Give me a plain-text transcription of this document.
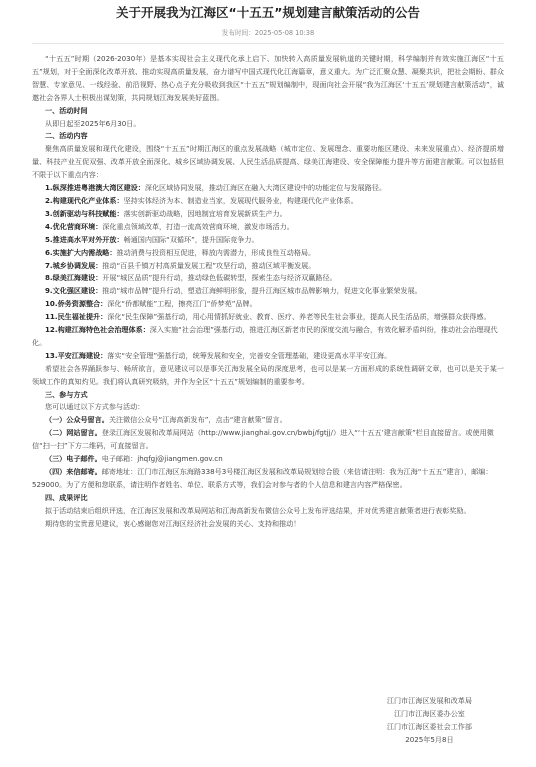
关于开展我为江海区“十五五”规划建言献策活动的公告
发布时间：2025-05-08 10:38

“十五五”时期（2026-2030年）是基本实现社会主义现代化承上启下、加快转入高质量发展轨道的关键时期，科学编制并有效实施江海区“十五五”规划，对于全面深化改革开放、推动实现高质量发展，奋力谱写中国式现代化江海篇章，意义重大。为广泛汇聚众慧、凝聚共识，把社会期盼、群众智慧、专家意见、一线经验、前沿视野、热心点子充分吸收到我区“十五五”规划编制中，现面向社会开展“我为江海区‘十五五’规划建言献策活动”，诚邀社会各界人士积极出谋划策，共同规划江海发展美好蓝图。

一、活动时间

从即日起至2025年6月30日。

二、活动内容

聚焦高质量发展和现代化建设，围绕“十五五”时期江海区的重点发展战略（城市定位、发展理念、重要功能区建设、未来发展重点）、经济提质增量、科技产业互促双强、改革开放全面深化、城乡区域协调发展、人民生活品质提高、绿美江海建设、安全保障能力提升等方面建言献策。可以包括但不限于以下重点内容：

1.纵深推进粤港澳大湾区建设：深化区域协同发展，推动江海区在融入大湾区建设中的功能定位与发展路径。

2.构建现代化产业体系：坚持实体经济为本、制造业当家，发展现代服务业，构建现代化产业体系。

3.创新驱动与科技赋能：落实创新驱动战略，因地制宜培育发展新质生产力。

4.优化营商环境：深化重点领域改革，打造一流高效营商环境，激发市场活力。

5.推进高水平对外开放：畅通国内国际“双循环”，提升国际竞争力。

6.实施扩大内需战略：推动消费与投资相互促进，释放内需潜力，形成良性互动格局。

7.城乡协调发展：推动“百县千镇万村高质量发展工程”攻坚行动，推动区域平衡发展。

8.绿美江海建设：开展“城区品质”提升行动，推动绿色低碳转型，探索生态与经济双赢路径。

9.文化强区建设：推动“城市品牌”提升行动，塑造江海鲜明形象，提升江海区城市品牌影响力，促进文化事业繁荣发展。

10.侨务资源整合：深化“侨都赋能”工程，擦亮江门“侨梦苑”品牌。

11.民生福祉提升：深化“民生保障”强基行动，用心用情抓好就业、教育、医疗、养老等民生社会事业，提高人民生活品质，增强群众获得感。

12.构建江海特色社会治理体系：深入实施“社会治理”强基行动，推进江海区新老市民的深度交流与融合，有效化解矛盾纠纷，推动社会治理现代化。

13.平安江海建设：落实“安全管理”强基行动，统筹发展和安全，完善安全管理基础，建设更高水平平安江海。

希望社会各界踊跃参与、畅所欲言，意见建议可以是事关江海发展全局的深度思考，也可以是某一方面形成的系统性调研文章，也可以是关于某一领域工作的真知灼见。我们将认真研究吸纳，并作为全区“十五五”规划编制的重要参考。

三、参与方式

您可以通过以下方式参与活动：

（一）公众号留言。关注微信公众号“江海高新发布”，点击“建言献策”留言。

（二）网站留言。登录江海区发展和改革局网站（http://www.jianghai.gov.cn/bwbj/fgtjj/）进入“‘十五五’建言献策”栏目直接留言。或使用微信“扫一扫”下方二维码，可直接留言。

（三）电子邮件。电子邮箱：jhqfgj@jiangmen.gov.cn

（四）来信邮寄。邮寄地址：江门市江海区东海路338号3号楼江海区发展和改革局规划综合股（来信请注明：我为江海“十五五”建言），邮编：529000。为了方便和您联系，请注明作者姓名、单位、联系方式等，我们会对参与者的个人信息和建言内容严格保密。

四、成果评比

拟于活动结束后组织评选，在江海区发展和改革局网站和江海高新发布微信公众号上发布评选结果，并对优秀建言献策者进行表彰奖励。

期待您的宝贵意见建议，衷心感谢您对江海区经济社会发展的关心、支持和推动！

江门市江海区发展和改革局
江门市江海区委办公室
江门市江海区委社会工作部
2025年5月8日
